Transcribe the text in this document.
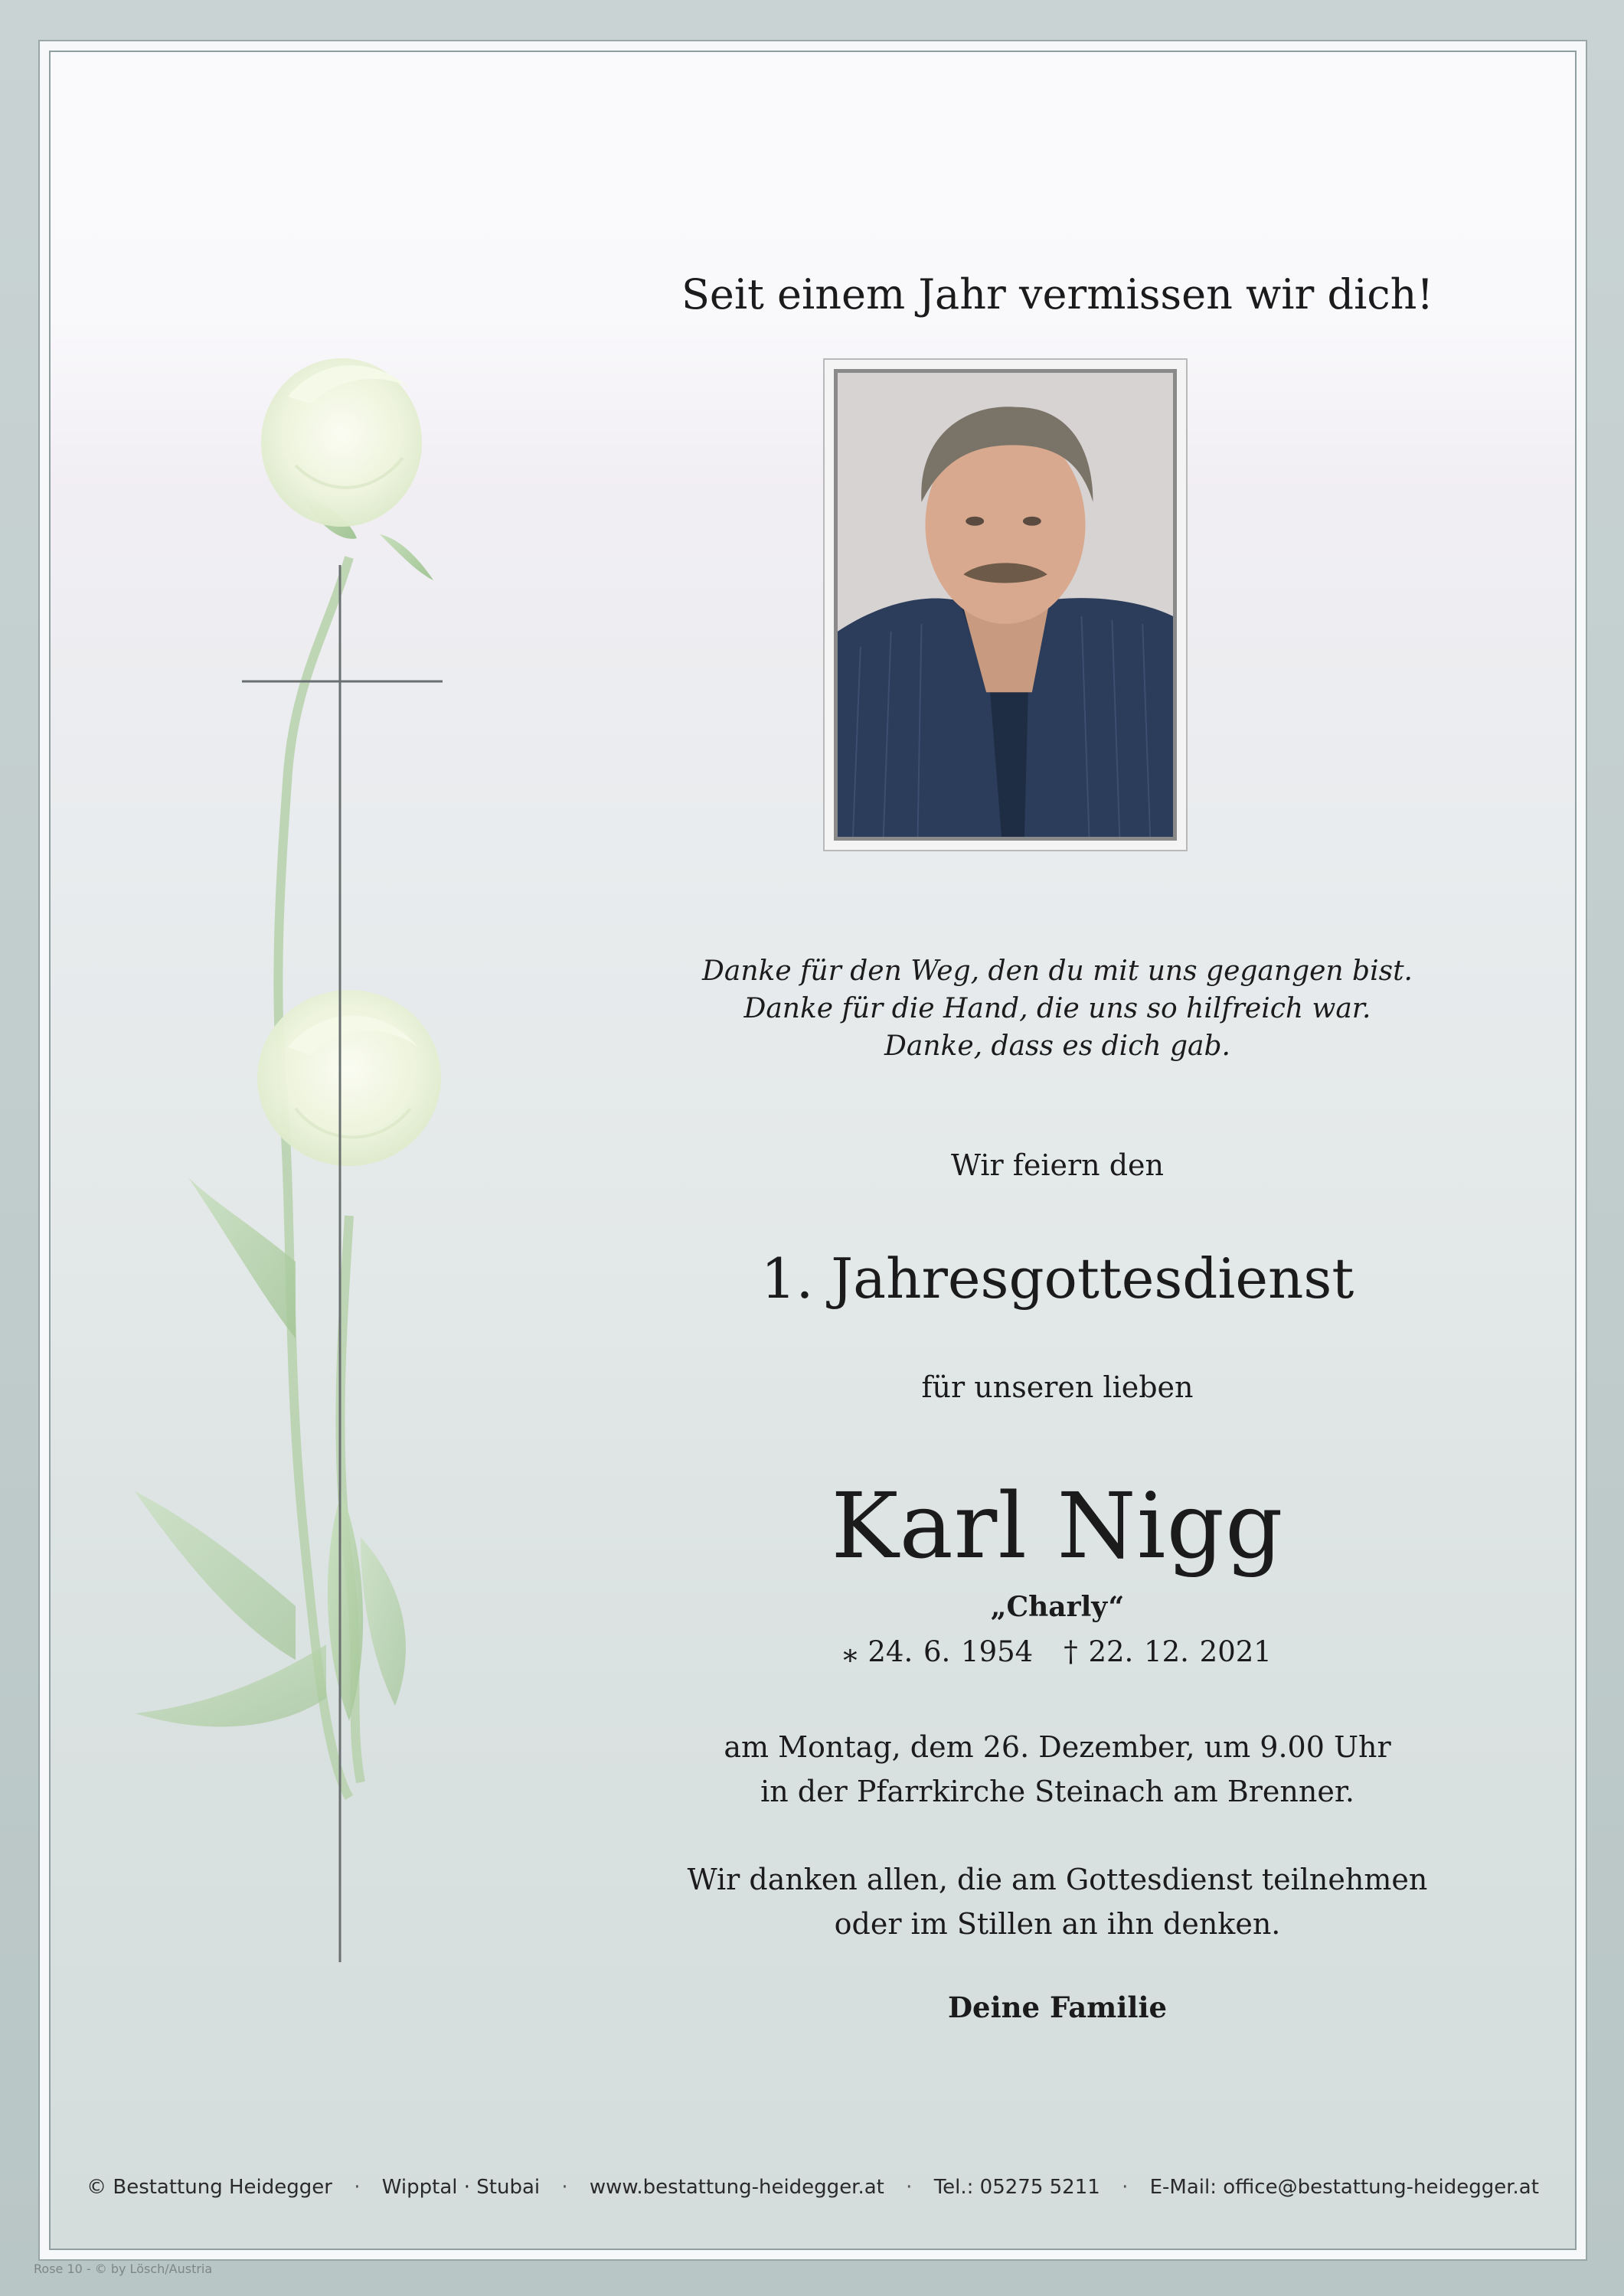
Seit einem Jahr vermissen wir dich!
Danke für den Weg, den du mit uns gegangen bist.
Danke für die Hand, die uns so hilfreich war.
Danke, dass es dich gab.
Wir feiern den
1. Jahresgottesdienst
für unseren lieben
Karl Nigg
„Charly“
⁎ 24. 6. 1954 † 22. 12. 2021
am Montag, dem 26. Dezember, um 9.00 Uhr
in der Pfarrkirche Steinach am Brenner.
Wir danken allen, die am Gottesdienst teilnehmen
oder im Stillen an ihn denken.
Deine Familie
© Bestattung Heidegger · Wipptal · Stubai · www.bestattung-heidegger.at · Tel.: 05275 5211 · E-Mail: office@bestattung-heidegger.at
Rose 10 - © by Lösch/Austria
